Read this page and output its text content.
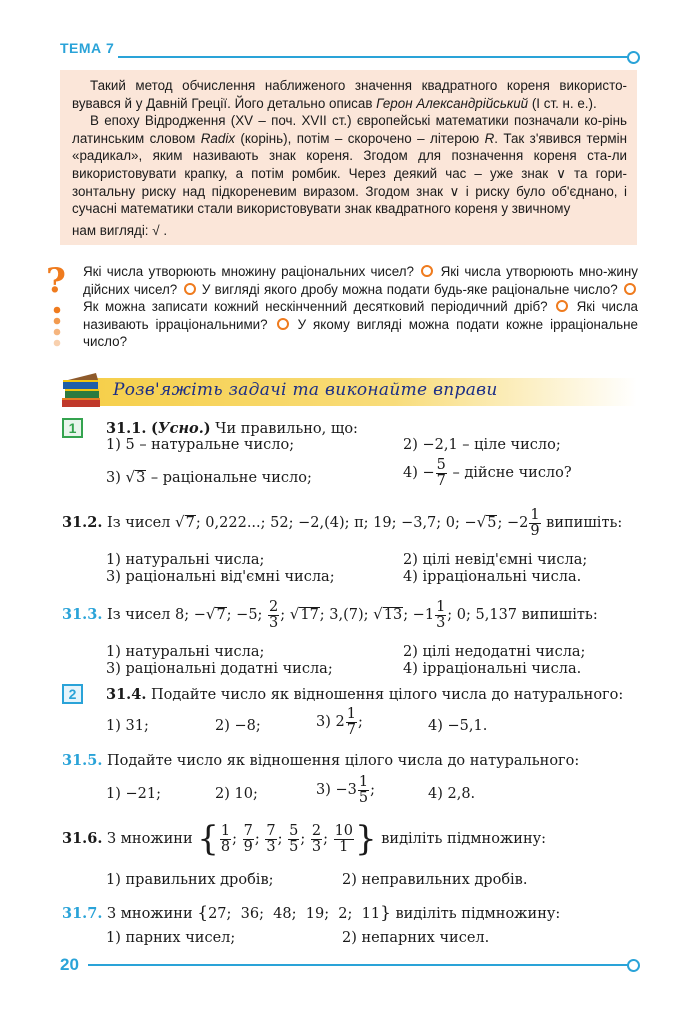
ТЕМА 7

Такий метод обчислення наближеного значення квадратного кореня використо-вувався й у Давній Греції. Його детально описав Герон Александрійський (І ст. н. е.).

В епоху Відродження (XV – поч. XVII ст.) європейські математики позначали ко-рінь латинським словом Radix (корінь), потім – скорочено – літерою R. Так з'явився термін «радикал», яким називають знак кореня. Згодом для позначення кореня ста-ли використовувати крапку, а потім ромбик. Через деякий час – уже знак ∨ та гори-зонтальну риску над підкореневим виразом. Згодом знак ∨ і риску було об'єднано, і сучасні математики стали використовувати знак квадратного кореня у звичному

нам вигляді: √ .

? Які числа утворюють множину раціональних чисел? Які числа утворюють мно-жину дійсних чисел? У вигляді якого дробу можна подати будь-яке раціональне число?  Як можна записати кожний нескінченний десятковий періодичний дріб? Які числа називають ірраціональними? У якому вигляді можна подати кожне ірраціональне число?
Розв'яжіть задачі та виконайте вправи
1	31.1. (Усно.) Чи правильно, що:
1) 5 – натуральне число;	2) −2,1 – ціле число;
3) √3 – раціональне число;	$4) - \frac{5}{7}$ – дійсне число?
31.2. Із чисел √7; 0,222...; 52; −2,(4); π; 19; −3,7; 0; −√5; $-2 \frac{1}{9}$ випишіть:
1) натуральні числа;	2) цілі невід'ємні числа;
3) раціональні від'ємні числа;	4) ірраціональні числа.
31.3. Із чисел 8; −√7; −5; $\frac{2}{3}$ ; √17; 3,(7); √13; $-1 \frac{1}{3}$ ; 0; 5,137 випишіть:
1) натуральні числа;	2) цілі недодатні числа;
3) раціональні додатні числа;	4) ірраціональні числа.
2	31.4. Подайте число як відношення цілого числа до натурального:
1) 31;	2) −8;	3) $2 \frac{1}{7}$ ;	4) −5,1.
31.5. Подайте число як відношення цілого числа до натурального:
1) −21;	2) 10;	$3) -3 \frac{1}{5}$ ;	4) 2,8.
31.6. З множини { $\frac{1}{8}$ ; $\frac{7}{9}$ ; $\frac{7}{3}$ ; $\frac{5}{5}$ ; $\frac{2}{3}$ ; $\frac{10}{1}$ } виділіть підмножину:
1) правильних дробів;	2) неправильних дробів.
31.7. З множини {27;  36;  48;  19;  2;  11} виділіть підмножину:
1) парних чисел;	2) непарних чисел.
20
